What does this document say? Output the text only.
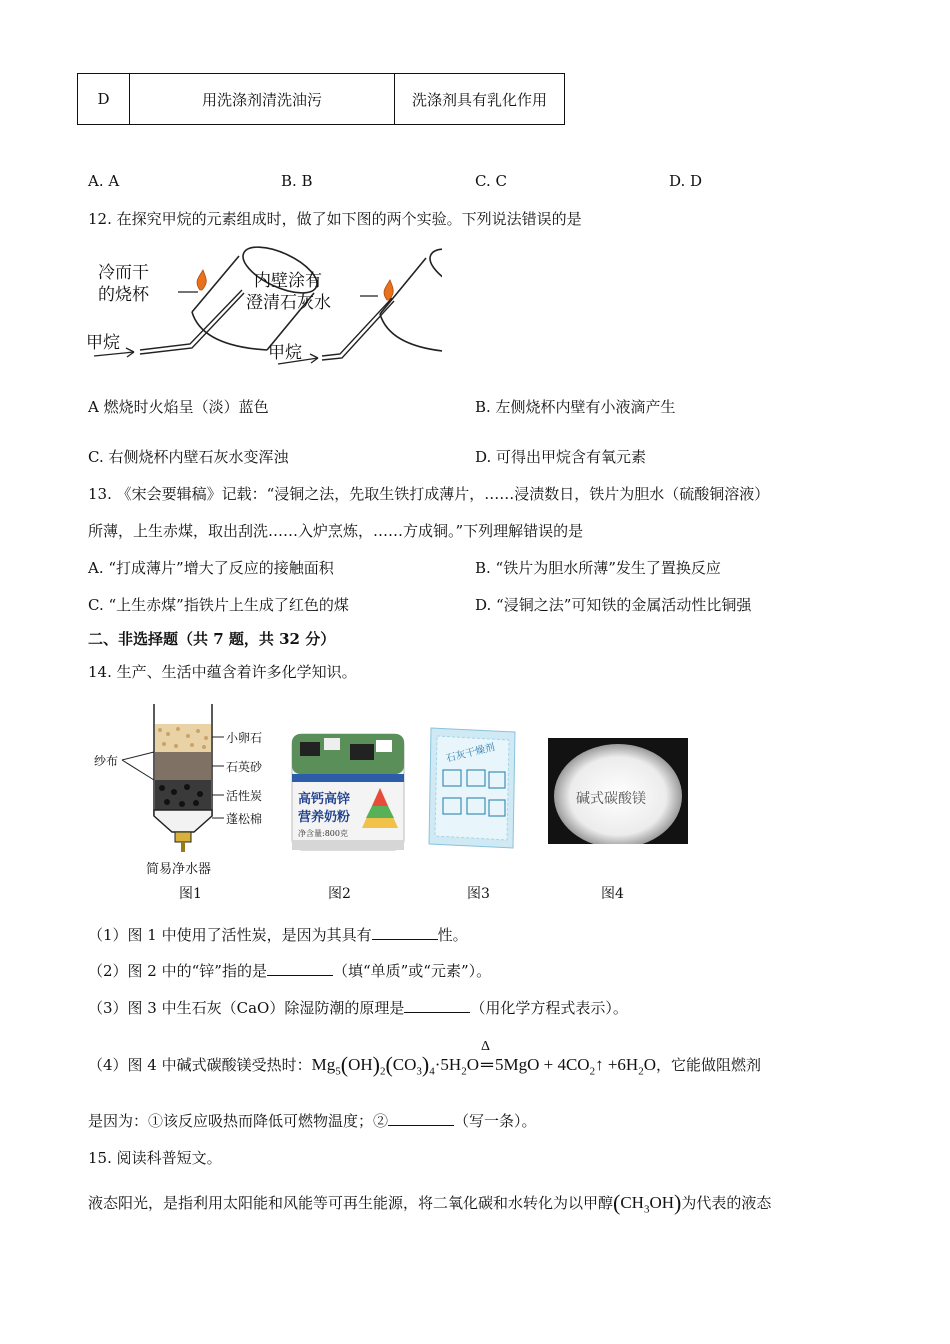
D	用洗涤剂清洗油污	洗涤剂具有乳化作用
A. A	B. B	C. C	D. D
12. 在探究甲烷的元素组成时，做了如下图的两个实验。下列说法错误的是
冷而干
的烧杯
甲烷
内壁涂有
澄清石灰水
甲烷
A 燃烧时火焰呈（淡）蓝色	B. 左侧烧杯内壁有小液滴产生
C. 右侧烧杯内壁石灰水变浑浊	D. 可得出甲烷含有氧元素
13. 《宋会要辑稿》记载：“浸铜之法，先取生铁打成薄片，……浸渍数日，铁片为胆水（硫酸铜溶液）
所薄，上生赤煤，取出刮洗……入炉烹炼，……方成铜。”下列理解错误的是
A. “打成薄片”增大了反应的接触面积	B. “铁片为胆水所薄”发生了置换反应
C. “上生赤煤”指铁片上生成了红色的煤	D. “浸铜之法”可知铁的金属活动性比铜强
二、非选择题（共 7 题，共 32 分）
14. 生产、生活中蕴含着许多化学知识。
纱布
小卵石
石英砂
活性炭
蓬松棉
简易净水器
图1
高钙高锌
营养奶粉
净含量:800克
图2
石灰干燥剂
图3
碱式碳酸镁
图4
（1）图 1 中使用了活性炭，是因为其具有	性。
（2）图 2 中的“锌”指的是	（填“单质”或“元素”）。
（3）图 3 中生石灰（CaO）除湿防潮的原理是	（用化学方程式表示）。
（4）图 4 中碱式碳酸镁受热时：$Mg_5(OH)_2(CO_3)_4\cdot 5H_2O$
Δ
═ $5MgO + 4CO_2↑ +6H_2O$，它能做阻燃剂
是因为：①该反应吸热而降低可燃物温度；②	（写一条）。
15. 阅读科普短文。
液态阳光，是指利用太阳能和风能等可再生能源，将二氧化碳和水转化为以甲醇$(CH_3OH)$为代表的液态
